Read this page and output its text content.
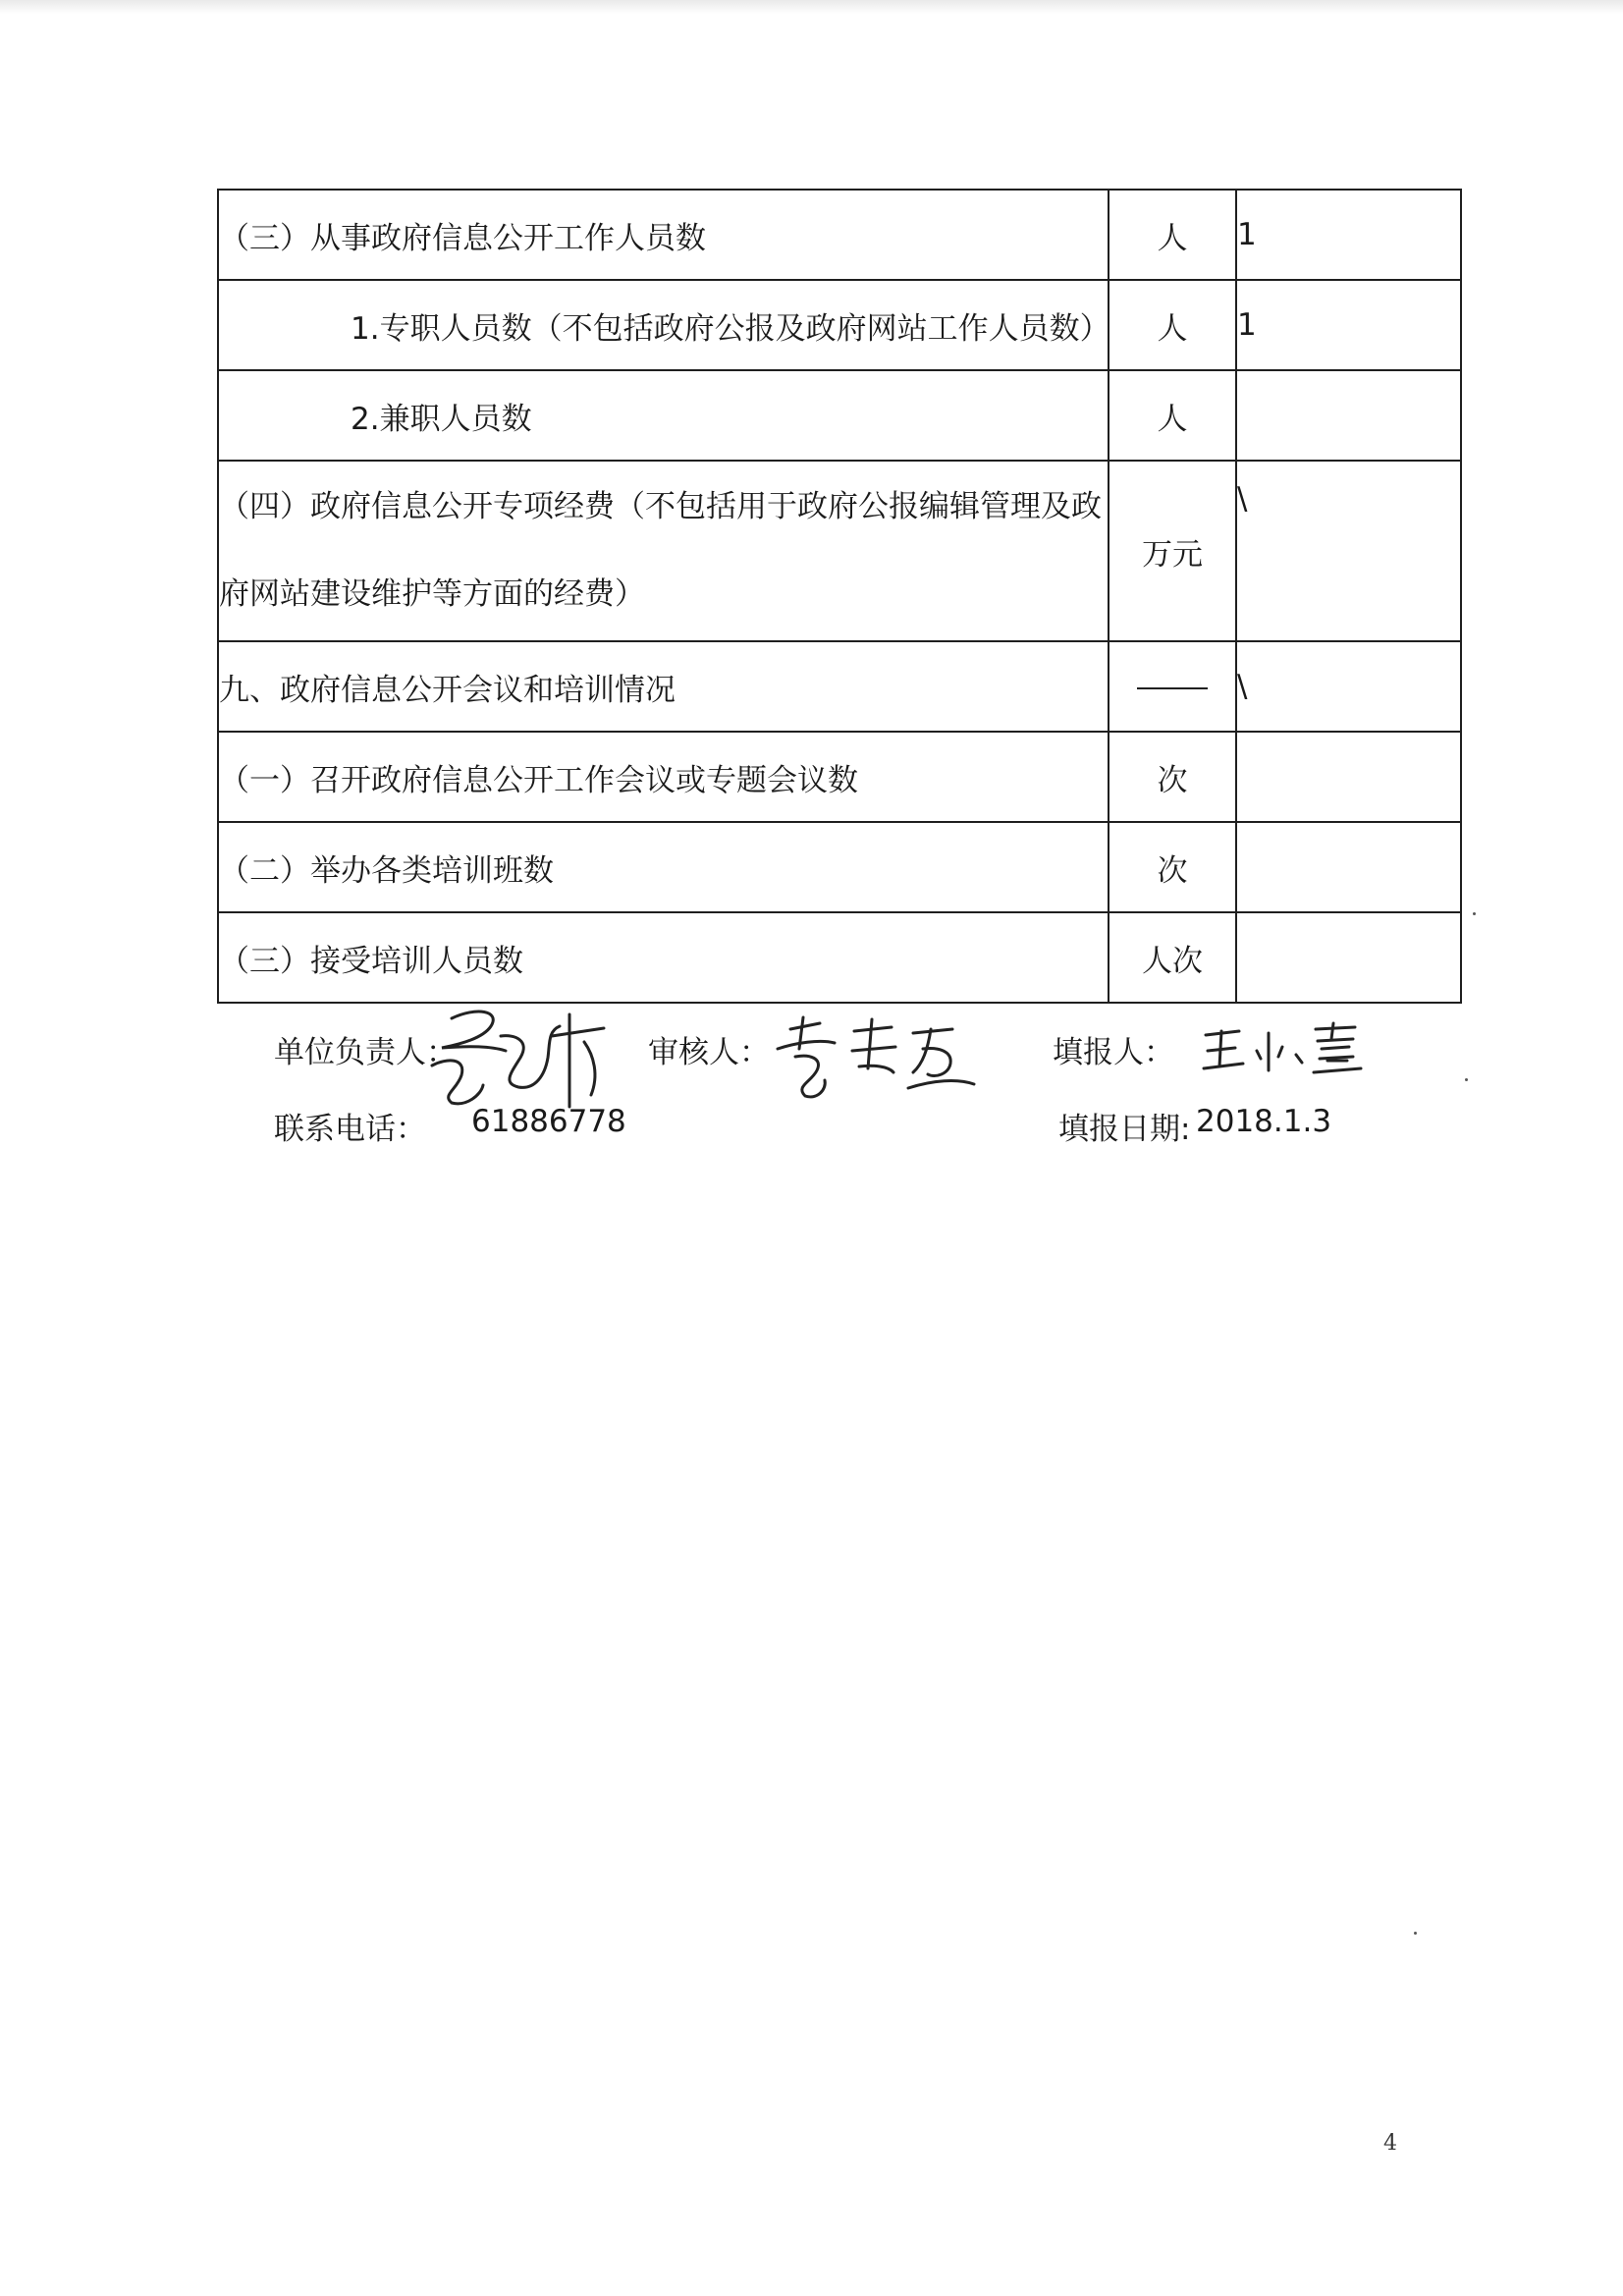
（三）从事政府信息公开工作人员数	人	1
1.专职人员数（不包括政府公报及政府网站工作人员数）	人	1
2.兼职人员数	人	

（四）政府信息公开专项经费（不包括用于政府公报编辑管理及政
府网站建设维护等方面的经费）	万元	\
九、政府信息公开会议和培训情况		\
（一）召开政府信息公开工作会议或专题会议数	次	
（二）举办各类培训班数	次	
（三）接受培训人员数	人次	
单位负责人：	审核人：	填报人：
联系电话： 61886778	填报日期: 2018.1.3
4
